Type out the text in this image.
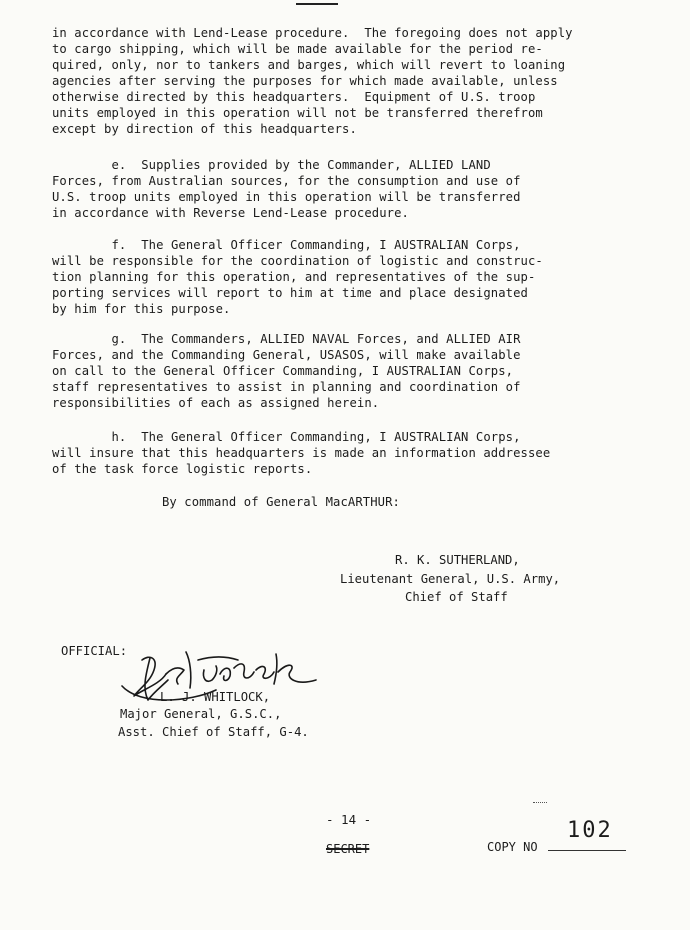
in accordance with Lend-Lease procedure.  The foregoing does not apply
to cargo shipping, which will be made available for the period re-
quired, only, nor to tankers and barges, which will revert to loaning
agencies after serving the purposes for which made available, unless
otherwise directed by this headquarters.  Equipment of U.S. troop
units employed in this operation will not be transferred therefrom
except by direction of this headquarters.
e.  Supplies provided by the Commander, ALLIED LAND
Forces, from Australian sources, for the consumption and use of
U.S. troop units employed in this operation will be transferred
in accordance with Reverse Lend-Lease procedure.
f.  The General Officer Commanding, I AUSTRALIAN Corps,
will be responsible for the coordination of logistic and construc-
tion planning for this operation, and representatives of the sup-
porting services will report to him at time and place designated
by him for this purpose.
g.  The Commanders, ALLIED NAVAL Forces, and ALLIED AIR
Forces, and the Commanding General, USASOS, will make available
on call to the General Officer Commanding, I AUSTRALIAN Corps,
staff representatives to assist in planning and coordination of
responsibilities of each as assigned herein.
h.  The General Officer Commanding, I AUSTRALIAN Corps,
will insure that this headquarters is made an information addressee
of the task force logistic reports.
By command of General MacARTHUR:
R. K. SUTHERLAND,
Lieutenant General, U.S. Army,
Chief of Staff
OFFICIAL:
L. J. WHITLOCK,
Major General, G.S.C.,
Asst. Chief of Staff, G-4.
- 14 -
SECRET	COPY NO
102
